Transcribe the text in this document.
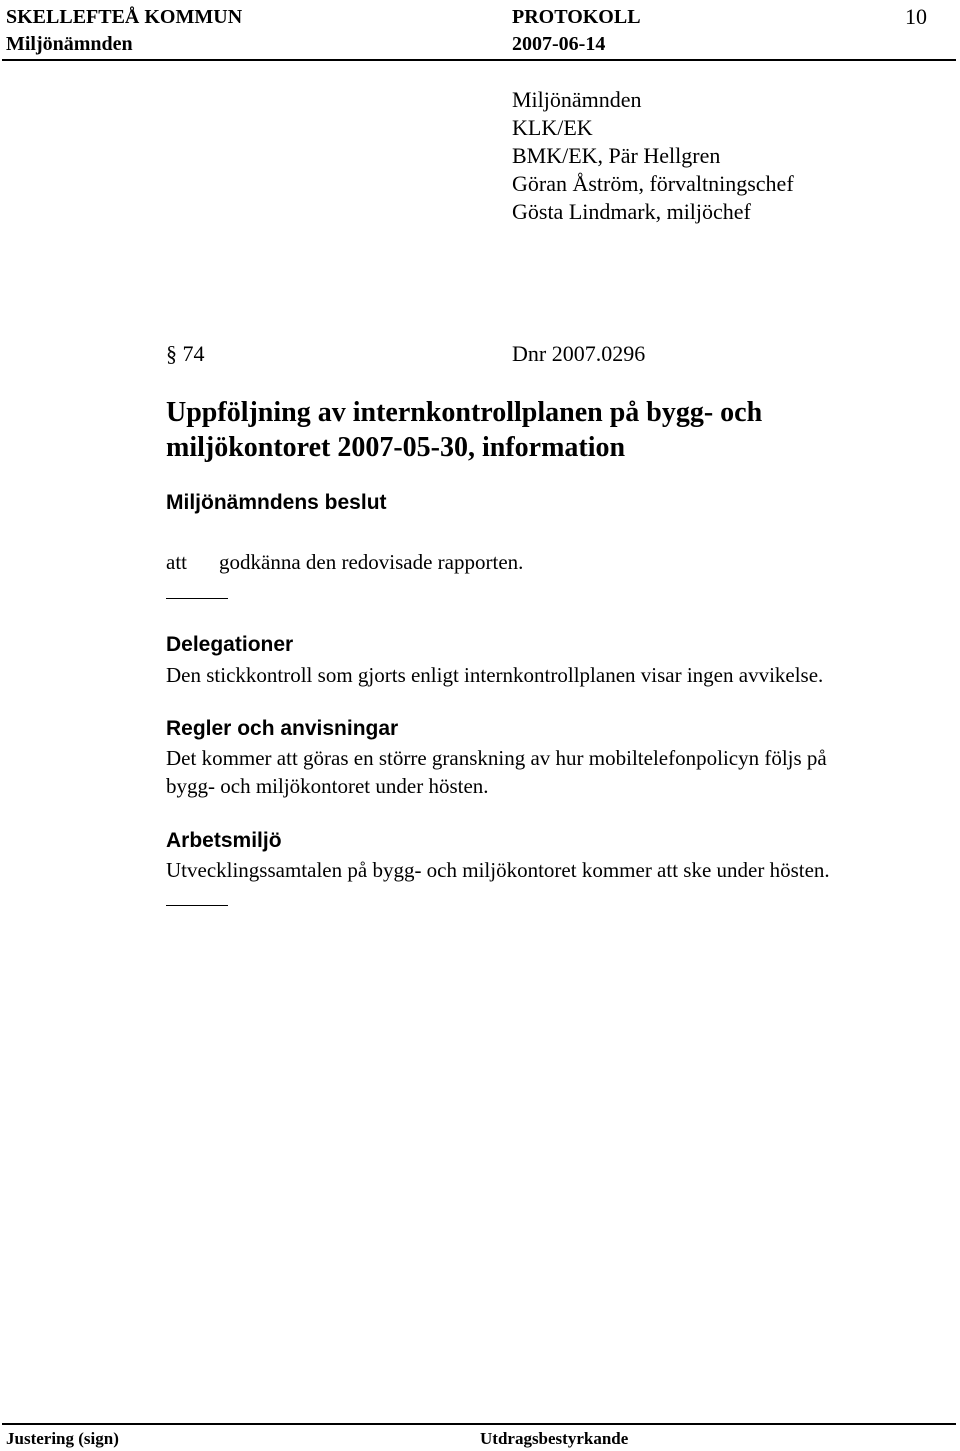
SKELLEFTEÅ KOMMUN	PROTOKOLL	10
Miljönämnden	2007-06-14
Miljönämnden
KLK/EK
BMK/EK, Pär Hellgren
Göran Åström, förvaltningschef
Gösta Lindmark, miljöchef
§ 74	Dnr 2007.0296
Uppföljning av internkontrollplanen på bygg- och
miljökontoret 2007-05-30, information
Miljönämndens beslut
att godkänna den redovisade rapporten.
Delegationer
Den stickkontroll som gjorts enligt internkontrollplanen visar ingen avvikelse.
Regler och anvisningar
Det kommer att göras en större granskning av hur mobiltelefonpolicyn följs på
bygg- och miljökontoret under hösten.
Arbetsmiljö
Utvecklingssamtalen på bygg- och miljökontoret kommer att ske under hösten.
Justering (sign)	Utdragsbestyrkande
